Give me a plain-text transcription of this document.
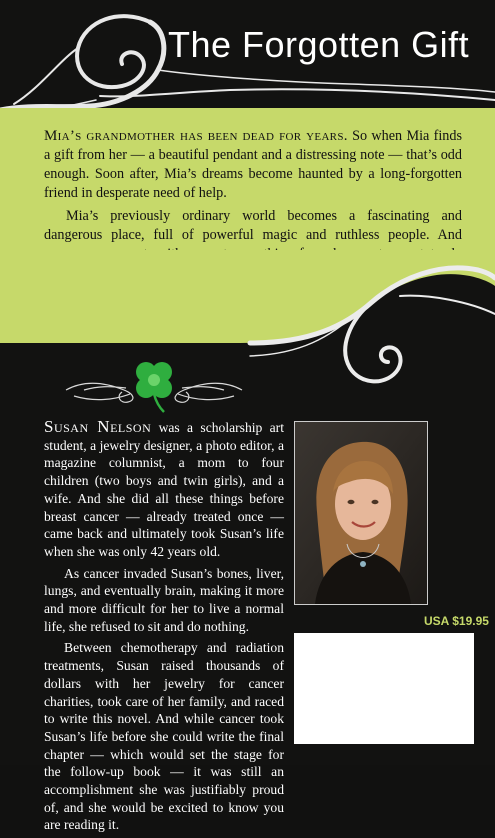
The Forgotten Gift

Mia’s grandmother has been dead for years. So when Mia finds a gift from her — a beautiful pendant and a distressing note — that’s odd enough. Soon after, Mia’s dreams become haunted by a long-forgotten friend in desperate need of help.

Mia’s previously ordinary world becomes a fascinating and dangerous place, full of powerful magic and ruthless people. And

Susan Nelson was a scholarship art student, a jewelry designer, a photo editor, a magazine columnist, a mom to four children (two boys and twin girls), and a wife. And she did all these things before breast cancer — already treated once — came back and ultimately took Susan’s life when she was only 42 years old.

As cancer invaded Susan’s bones, liver, lungs, and eventually brain, making it more and more difficult for her to live a normal life, she refused to sit and do nothing.

Between chemotherapy and radiation treatments, Susan raised thousands of dollars with her jewelry for cancer charities, took care of her family, and raced to write this novel. And while cancer took Susan’s life before she could write the final chapter — which would set the stage for the follow-up book — it was still an accomplishment she was justifiably proud of, and she would be excited to know you are reading it.

USA $19.95
